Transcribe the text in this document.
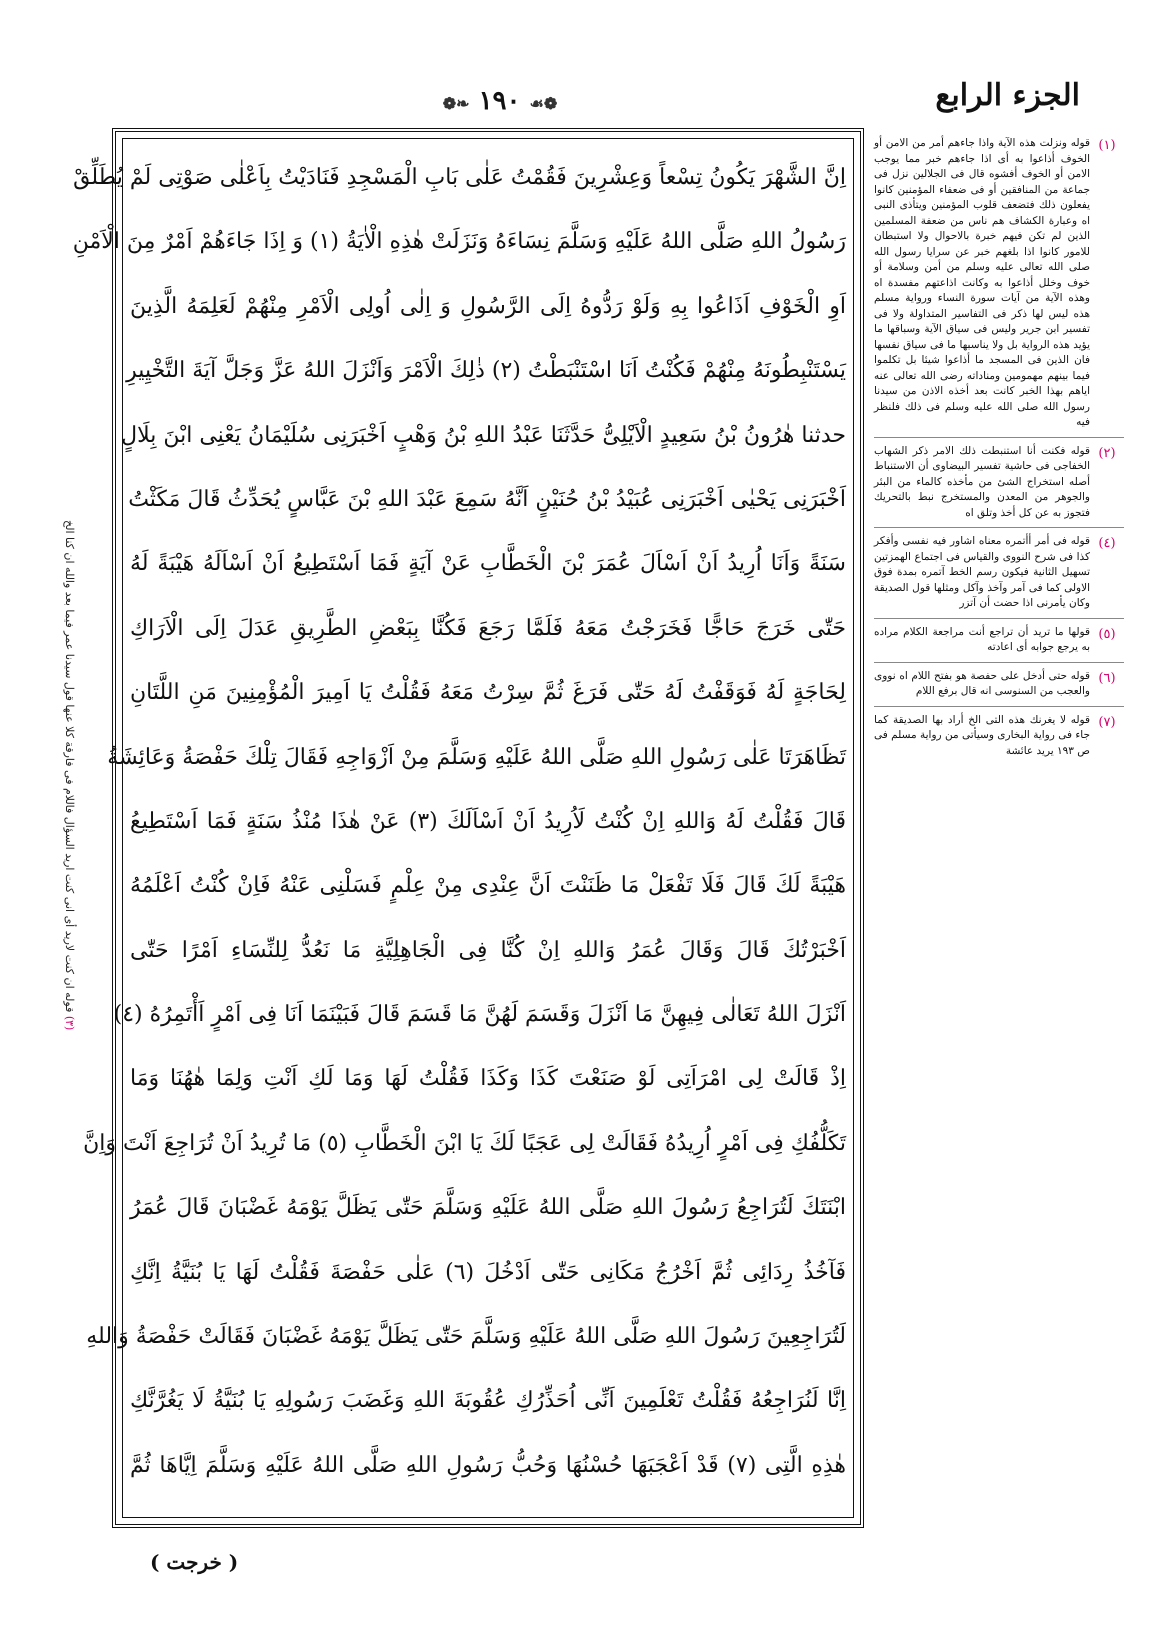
الجزء الرابع
❁❧ ١٩٠ ☙❁
اِنَّ الشَّهْرَ يَكُونُ تِسْعاً وَعِشْرِينَ فَقُمْتُ عَلٰى بَابِ الْمَسْجِدِ فَنَادَيْتُ بِاَعْلٰى صَوْتِى لَمْ يُطَلِّقْ
رَسُولُ اللهِ صَلَّى اللهُ عَلَيْهِ وَسَلَّمَ نِسَاءَهُ وَنَزَلَتْ هٰذِهِ الْاٰيَةُ (١) وَ اِذَا جَاءَهُمْ اَمْرٌ مِنَ الْاَمْنِ
اَوِ الْخَوْفِ اَذَاعُوا بِهِ وَلَوْ رَدُّوهُ اِلَى الرَّسُولِ وَ اِلٰى اُولِى الْاَمْرِ مِنْهُمْ لَعَلِمَهُ الَّذِينَ
يَسْتَنْبِطُونَهُ مِنْهُمْ فَكُنْتُ اَنَا اسْتَنْبَطْتُ (٢) ذٰلِكَ الْاَمْرَ وَاَنْزَلَ اللهُ عَزَّ وَجَلَّ آيَةَ التَّخْيِيرِ
حدثنا هٰرُونُ بْنُ سَعِيدٍ الْاَيْلِىُّ حَدَّثَنَا عَبْدُ اللهِ بْنُ وَهْبٍ اَخْبَرَنِى سُلَيْمَانُ يَعْنِى ابْنَ بِلَالٍ
اَخْبَرَنِى يَحْيٰى اَخْبَرَنِى عُبَيْدُ بْنُ حُنَيْنٍ اَنَّهُ سَمِعَ عَبْدَ اللهِ بْنَ عَبَّاسٍ يُحَدِّثُ قَالَ مَكَثْتُ
سَنَةً وَاَنَا اُرِيدُ اَنْ اَسْاَلَ عُمَرَ بْنَ الْخَطَّابِ عَنْ آيَةٍ فَمَا اَسْتَطِيعُ اَنْ اَسْاَلَهُ هَيْبَةً لَهُ
حَتّٰى خَرَجَ حَاجًّا فَخَرَجْتُ مَعَهُ فَلَمَّا رَجَعَ فَكُنَّا بِبَعْضِ الطَّرِيقِ عَدَلَ اِلَى الْاَرَاكِ
لِحَاجَةٍ لَهُ فَوَقَفْتُ لَهُ حَتّٰى فَرَغَ ثُمَّ سِرْتُ مَعَهُ فَقُلْتُ يَا اَمِيرَ الْمُؤْمِنِينَ مَنِ اللَّتَانِ
تَظَاهَرَتَا عَلٰى رَسُولِ اللهِ صَلَّى اللهُ عَلَيْهِ وَسَلَّمَ مِنْ اَزْوَاجِهِ فَقَالَ تِلْكَ حَفْصَةُ وَعَائِشَةُ
قَالَ فَقُلْتُ لَهُ وَاللهِ اِنْ كُنْتُ لَاُرِيدُ اَنْ اَسْاَلَكَ (٣) عَنْ هٰذَا مُنْذُ سَنَةٍ فَمَا اَسْتَطِيعُ
هَيْبَةً لَكَ قَالَ فَلَا تَفْعَلْ مَا ظَنَنْتَ اَنَّ عِنْدِى مِنْ عِلْمٍ فَسَلْنِى عَنْهُ فَاِنْ كُنْتُ اَعْلَمُهُ
اَخْبَرْتُكَ قَالَ وَقَالَ عُمَرُ وَاللهِ اِنْ كُنَّا فِى الْجَاهِلِيَّةِ مَا نَعُدُّ لِلنِّسَاءِ اَمْرًا حَتّٰى
اَنْزَلَ اللهُ تَعَالٰى فِيهِنَّ مَا اَنْزَلَ وَقَسَمَ لَهُنَّ مَا قَسَمَ قَالَ فَبَيْنَمَا اَنَا فِى اَمْرٍ اَأْتَمِرُهُ (٤)
اِذْ قَالَتْ لِى امْرَاَتِى لَوْ صَنَعْتَ كَذَا وَكَذَا فَقُلْتُ لَهَا وَمَا لَكِ اَنْتِ وَلِمَا هٰهُنَا وَمَا
تَكَلُّفُكِ فِى اَمْرٍ اُرِيدُهُ فَقَالَتْ لِى عَجَبًا لَكَ يَا ابْنَ الْخَطَّابِ (٥) مَا تُرِيدُ اَنْ تُرَاجِعَ اَنْتَ وَاِنَّ
ابْنَتَكَ لَتُرَاجِعُ رَسُولَ اللهِ صَلَّى اللهُ عَلَيْهِ وَسَلَّمَ حَتّٰى يَظَلَّ يَوْمَهُ غَضْبَانَ قَالَ عُمَرُ
فَآخُذُ رِدَائِى ثُمَّ اَخْرُجُ مَكَانِى حَتّٰى اَدْخُلَ (٦) عَلٰى حَفْصَةَ فَقُلْتُ لَهَا يَا بُنَيَّةُ اِنَّكِ
لَتُرَاجِعِينَ رَسُولَ اللهِ صَلَّى اللهُ عَلَيْهِ وَسَلَّمَ حَتّٰى يَظَلَّ يَوْمَهُ غَضْبَانَ فَقَالَتْ حَفْصَةُ وَاللهِ
اِنَّا لَنُرَاجِعُهُ فَقُلْتُ تَعْلَمِينَ اَنِّى اُحَذِّرُكِ عُقُوبَةَ اللهِ وَغَضَبَ رَسُولِهِ يَا بُنَيَّةُ لَا يَغُرَّنَّكِ
هٰذِهِ الَّتِى (٧) قَدْ اَعْجَبَهَا حُسْنُهَا وَحُبُّ رَسُولِ اللهِ صَلَّى اللهُ عَلَيْهِ وَسَلَّمَ اِيَّاهَا ثُمَّ
(١)
قوله ونزلت هذه الآية واذا جاءهم أمر من الامن أو الخوف أذاعوا به أى اذا جاءهم خبر مما يوجب الامن أو الخوف أفشوه قال فى الجلالين نزل فى جماعة من المنافقين أو فى ضعفاء المؤمنين كانوا يفعلون ذلك فتضعف قلوب المؤمنين ويتأذى النبى اه وعبارة الكشاف هم ناس من ضعفة المسلمين الذين لم تكن فيهم خبرة بالاحوال ولا استبطان للامور كانوا اذا بلغهم خبر عن سرايا رسول الله صلى الله تعالى عليه وسلم من أمن وسلامة أو خوف وخلل أذاعوا به وكانت اذاعتهم مفسدة اه وهذه الآية من آيات سورة النساء ورواية مسلم هذه ليس لها ذكر فى التفاسير المتداولة ولا فى تفسير ابن جرير وليس فى سياق الآية وسباقها ما يؤيد هذه الرواية بل ولا يناسبها ما فى سياق نفسها فان الذين فى المسجد ما أذاعوا شيئا بل تكلموا فيما بينهم مهمومين ومناداته رضى الله تعالى عنه اياهم بهذا الخبر كانت بعد أخذه الاذن من سيدنا رسول الله صلى الله عليه وسلم فى ذلك فلنظر فيه
(٢)
قوله فكنت أنا استنبطت ذلك الامر ذكر الشهاب الخفاجى فى حاشية تفسير البيضاوى أن الاستنباط أصله استخراج الشئ من مأخذه كالماء من البئر والجوهر من المعدن والمستخرج نبط بالتحريك فتجوز به عن كل أخذ وتلق اه
(٤)
قوله فى أمر أأتمره معناه اشاور فيه نفسى وأفكر كذا فى شرح النووى والقياس فى اجتماع الهمزتين تسهيل الثانية فيكون رسم الخط آتمره بمدة فوق الاولى كما فى آمر وآخذ وآكل ومثلها قول الصديقة وكان يأمرنى اذا حضت أن آتزر
(٥)
قولها ما تريد أن تراجع أنت مراجعة الكلام مراده به يرجع جوابه أى اعادته
(٦)
قوله حتى أدخل على حفصة هو بفتح اللام اه نووى والعجب من السنوسى انه قال برفع اللام
(٧)
قوله لا يغرنك هذه التى الخ أراد بها الصديقة كما جاء فى رواية البخارى وسيأتى من رواية مسلم فى ص ١٩٣ يريد عائشة
(٣) قوله ان كنت لاريد أى انى كنت اريد السؤال فاللام فى فارقة كلا عنها قول سيدنا عمر فيما بعد والله ان كنا الخ
( خرجت )
